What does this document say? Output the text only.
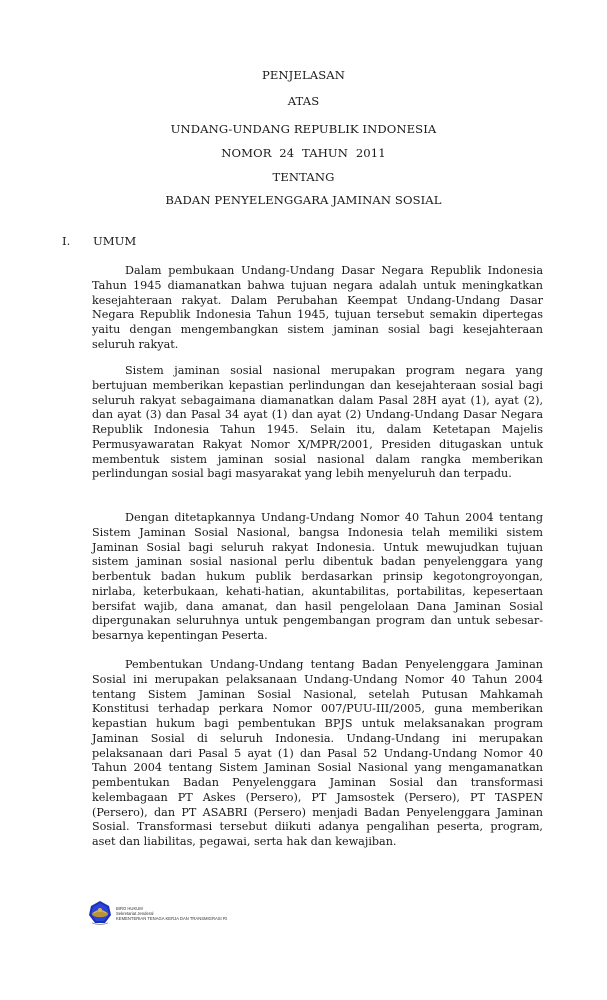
PENJELASAN
ATAS
UNDANG-UNDANG REPUBLIK INDONESIA
NOMOR 24 TAHUN 2011
TENTANG
BADAN PENYELENGGARA JAMINAN SOSIAL
I. UMUM

Dalam pembukaan Undang-Undang Dasar Negara Republik Indonesia Tahun 1945 diamanatkan bahwa tujuan negara adalah untuk meningkatkan kesejahteraan rakyat. Dalam Perubahan Keempat Undang-Undang Dasar Negara Republik Indonesia Tahun 1945, tujuan tersebut semakin dipertegas yaitu dengan mengembangkan sistem jaminan sosial bagi kesejahteraan seluruh rakyat.

Sistem jaminan sosial nasional merupakan program negara yang bertujuan memberikan kepastian perlindungan dan kesejahteraan sosial bagi seluruh rakyat sebagaimana diamanatkan dalam Pasal 28H ayat (1), ayat (2), dan ayat (3) dan Pasal 34 ayat (1) dan ayat (2) Undang-Undang Dasar Negara Republik Indonesia Tahun 1945. Selain itu, dalam Ketetapan Majelis Permusyawaratan Rakyat Nomor X/MPR/2001, Presiden ditugaskan untuk membentuk sistem jaminan sosial nasional dalam rangka memberikan perlindungan sosial bagi masyarakat yang lebih menyeluruh dan terpadu.

Dengan ditetapkannya Undang-Undang Nomor 40 Tahun 2004 tentang Sistem Jaminan Sosial Nasional, bangsa Indonesia telah memiliki sistem Jaminan Sosial bagi seluruh rakyat Indonesia. Untuk mewujudkan tujuan sistem jaminan sosial nasional perlu dibentuk badan penyelenggara yang berbentuk badan hukum publik berdasarkan prinsip kegotongroyongan, nirlaba, keterbukaan, kehati-hatian, akuntabilitas, portabilitas, kepesertaan bersifat wajib, dana amanat, dan hasil pengelolaan Dana Jaminan Sosial dipergunakan seluruhnya untuk pengembangan program dan untuk sebesar-besarnya kepentingan Peserta.

Pembentukan Undang-Undang tentang Badan Penyelenggara Jaminan Sosial ini merupakan pelaksanaan Undang-Undang Nomor 40 Tahun 2004 tentang Sistem Jaminan Sosial Nasional, setelah Putusan Mahkamah Konstitusi terhadap perkara Nomor 007/PUU-III/2005, guna memberikan kepastian hukum bagi pembentukan BPJS untuk melaksanakan program Jaminan Sosial di seluruh Indonesia. Undang-Undang ini merupakan pelaksanaan dari Pasal 5 ayat (1) dan Pasal 52 Undang-Undang Nomor 40 Tahun 2004 tentang Sistem Jaminan Sosial Nasional yang mengamanatkan pembentukan Badan Penyelenggara Jaminan Sosial dan transformasi kelembagaan PT Askes (Persero), PT Jamsostek (Persero), PT TASPEN (Persero), dan PT ASABRI (Persero) menjadi Badan Penyelenggara Jaminan Sosial. Transformasi tersebut diikuti adanya pengalihan peserta, program, aset dan liabilitas, pegawai, serta hak dan kewajiban.

BIRO HUKUM
Sekretariat Jenderal
KEMENTERIAN TENAGA KERJA DAN TRANSMIGRASI RI
